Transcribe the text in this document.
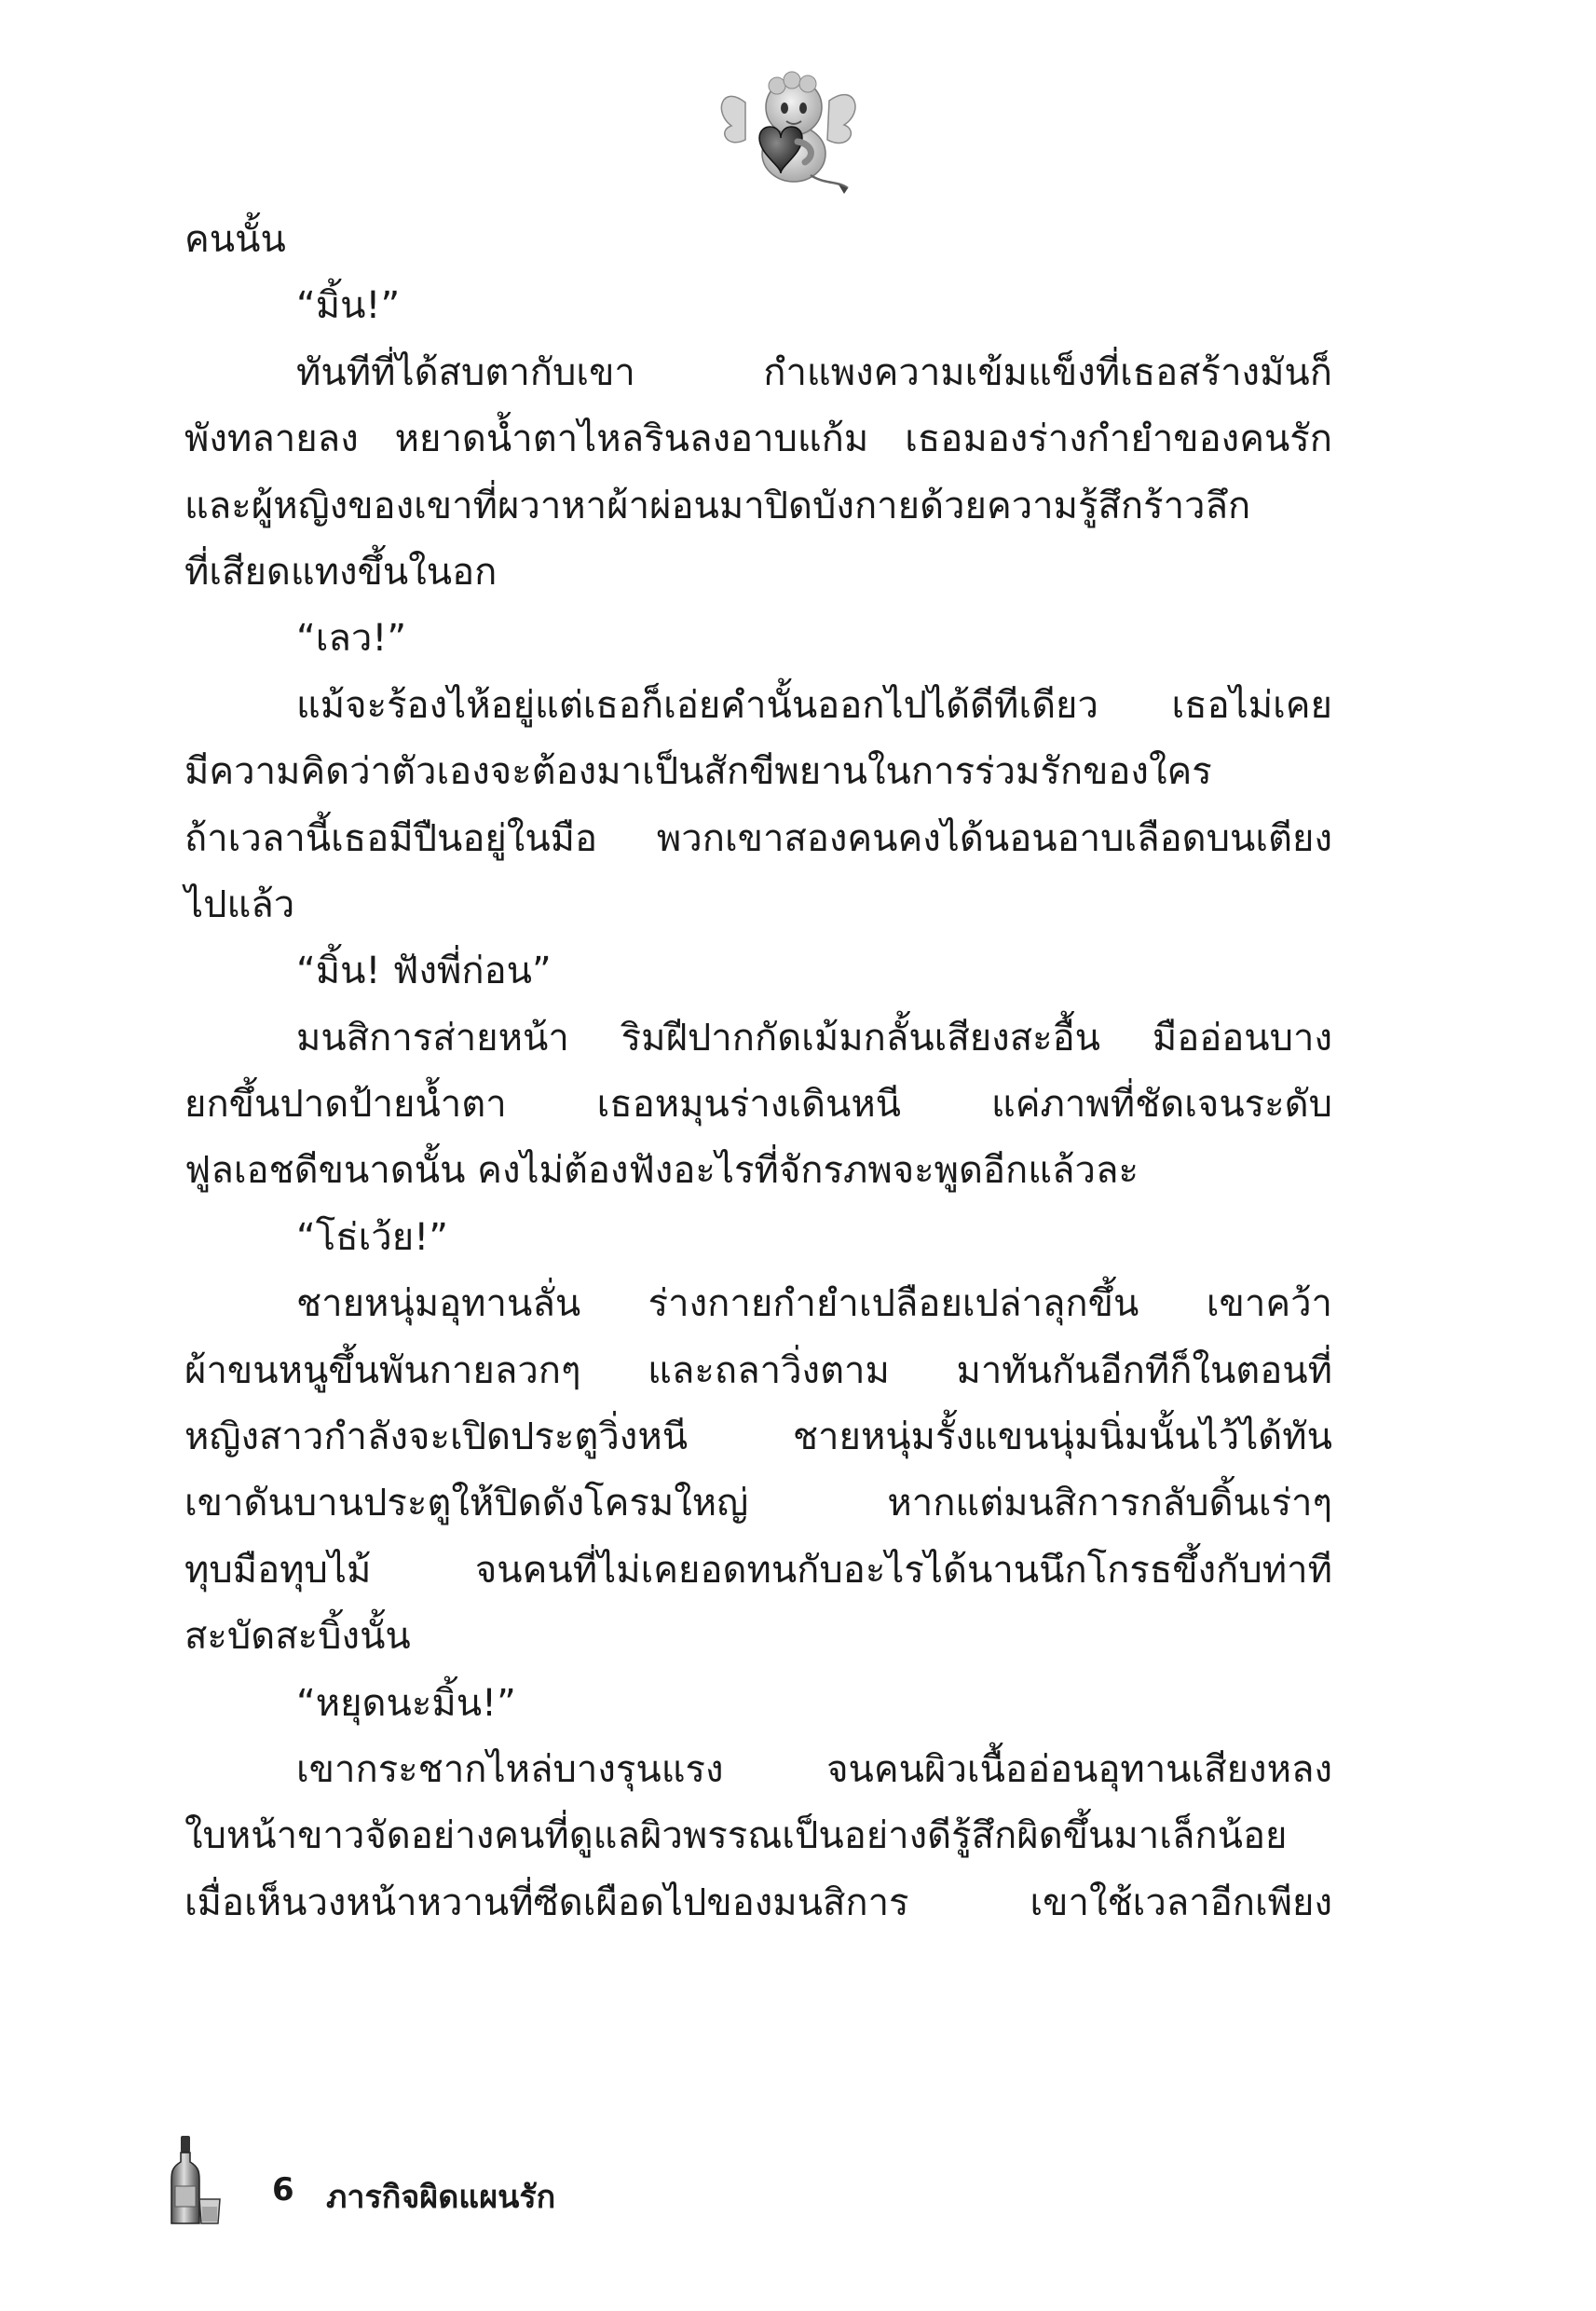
คนนั้น
“มิ้น!”
ทันทีที่ได้สบตากับเขา กำแพงความเข้มแข็งที่เธอสร้างมันก็
พังทลายลง หยาดน้ำตาไหลรินลงอาบแก้ม เธอมองร่างกำยำของคนรัก
และผู้หญิงของเขาที่ผวาหาผ้าผ่อนมาปิดบังกายด้วยความรู้สึกร้าวลึก
ที่เสียดแทงขึ้นในอก
“เลว!”
แม้จะร้องไห้อยู่แต่เธอก็เอ่ยคำนั้นออกไปได้ดีทีเดียว เธอไม่เคย
มีความคิดว่าตัวเองจะต้องมาเป็นสักขีพยานในการร่วมรักของใคร
ถ้าเวลานี้เธอมีปืนอยู่ในมือ พวกเขาสองคนคงได้นอนอาบเลือดบนเตียง
ไปแล้ว
“มิ้น! ฟังพี่ก่อน”
มนสิการส่ายหน้า ริมฝีปากกัดเม้มกลั้นเสียงสะอื้น มืออ่อนบาง
ยกขึ้นปาดป้ายน้ำตา เธอหมุนร่างเดินหนี แค่ภาพที่ชัดเจนระดับ
ฟูลเอชดีขนาดนั้น คงไม่ต้องฟังอะไรที่จักรภพจะพูดอีกแล้วละ
“โธ่เว้ย!”
ชายหนุ่มอุทานลั่น ร่างกายกำยำเปลือยเปล่าลุกขึ้น เขาคว้า
ผ้าขนหนูขึ้นพันกายลวกๆ และถลาวิ่งตาม มาทันกันอีกทีก็ในตอนที่
หญิงสาวกำลังจะเปิดประตูวิ่งหนี ชายหนุ่มรั้งแขนนุ่มนิ่มนั้นไว้ได้ทัน
เขาดันบานประตูให้ปิดดังโครมใหญ่ หากแต่มนสิการกลับดิ้นเร่าๆ
ทุบมือทุบไม้ จนคนที่ไม่เคยอดทนกับอะไรได้นานนึกโกรธขึ้งกับท่าที
สะบัดสะบิ้งนั้น
“หยุดนะมิ้น!”
เขากระชากไหล่บางรุนแรง จนคนผิวเนื้ออ่อนอุทานเสียงหลง
ใบหน้าขาวจัดอย่างคนที่ดูแลผิวพรรณเป็นอย่างดีรู้สึกผิดขึ้นมาเล็กน้อย
เมื่อเห็นวงหน้าหวานที่ซีดเผือดไปของมนสิการ เขาใช้เวลาอีกเพียง
6 ภารกิจผิดแผนรัก
